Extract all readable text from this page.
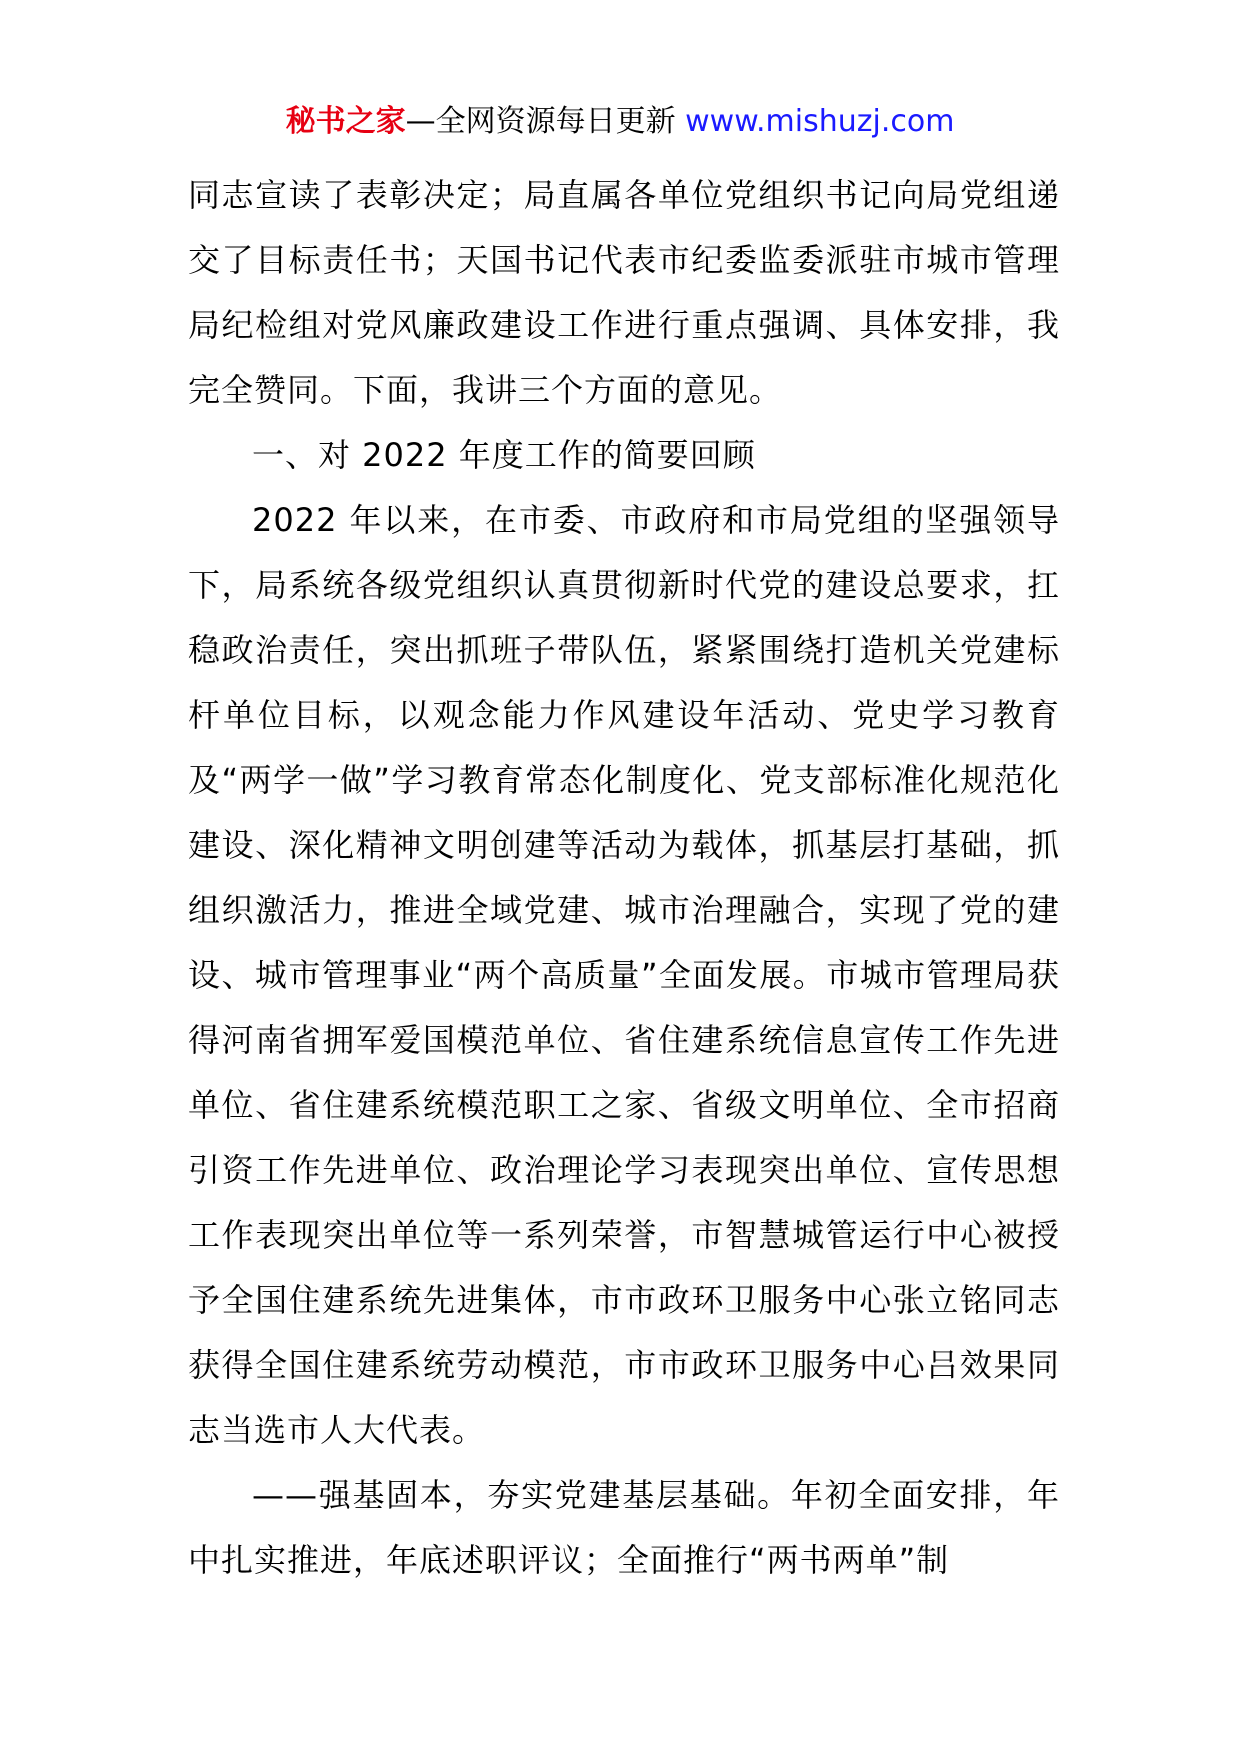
秘书之家—全网资源每日更新 www.mishuzj.com

同志宣读了表彰决定；局直属各单位党组织书记向局党组递交了目标责任书；天国书记代表市纪委监委派驻市城市管理局纪检组对党风廉政建设工作进行重点强调、具体安排，我完全赞同。下面，我讲三个方面的意见。

一、对 2022 年度工作的简要回顾

2022 年以来，在市委、市政府和市局党组的坚强领导下，局系统各级党组织认真贯彻新时代党的建设总要求，扛稳政治责任，突出抓班子带队伍，紧紧围绕打造机关党建标杆单位目标，以观念能力作风建设年活动、党史学习教育及“两学一做”学习教育常态化制度化、党支部标准化规范化建设、深化精神文明创建等活动为载体，抓基层打基础，抓组织激活力，推进全域党建、城市治理融合，实现了党的建设、城市管理事业“两个高质量”全面发展。市城市管理局获得河南省拥军爱国模范单位、省住建系统信息宣传工作先进单位、省住建系统模范职工之家、省级文明单位、全市招商引资工作先进单位、政治理论学习表现突出单位、宣传思想工作表现突出单位等一系列荣誉，市智慧城管运行中心被授予全国住建系统先进集体，市市政环卫服务中心张立铭同志获得全国住建系统劳动模范，市市政环卫服务中心吕效果同志当选市人大代表。

——强基固本，夯实党建基层基础。年初全面安排，年中扎实推进，年底述职评议；全面推行“两书两单”制
